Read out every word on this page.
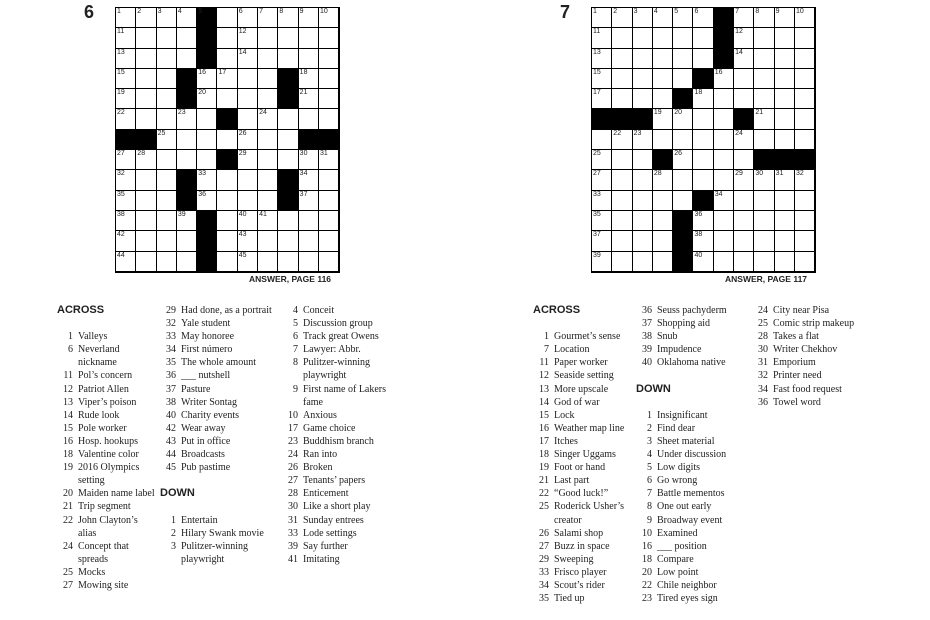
6	1 2 3 4 5	6 7 8 9 10
11	12
13	14
15	16 17	18
19	20	21
22	23	24
25	26
27 28	29	30 31
32	33	34
35	36	37
38	39	40 41
42	43
44	45
ANSWER, PAGE 116
ACROSS
1 Valleys
6 Neverland nickname
11 Pol’s concern
12 Patriot Allen
13 Viper’s poison
14 Rude look
15 Pole worker
16 Hosp. hookups
18 Valentine color
19 2016 Olympics setting
20 Maiden name label
21 Trip segment
22 John Clayton’s alias
24 Concept that spreads
25 Mocks
27 Mowing site
29 Had done, as a portrait
32 Yale student
33 May honoree
34 First número
35 The whole amount
36 ___ nutshell
37 Pasture
38 Writer Sontag
40 Charity events
42 Wear away
43 Put in office
44 Broadcasts
45 Pub pastime
DOWN
1 Entertain
2 Hilary Swank movie
3 Pulitzer-winning playwright
4 Conceit
5 Discussion group
6 Track great Owens
7 Lawyer: Abbr.
8 Pulitzer-winning playwright
9 First name of Lakers fame
10 Anxious
17 Game choice
23 Buddhism branch
24 Ran into
26 Broken
27 Tenants’ papers
28 Enticement
30 Like a short play
31 Sunday entrees
33 Lode settings
39 Say further
41 Imitating
7	1 2 3 4 5 6	7 8 9 10
11	12
13	14
15	16
17	18
19 20	21
22 23	24
25	26
27	28	29 30 31 32
33	34
35	36
37	38
39	40
ANSWER, PAGE 117
ACROSS
1 Gourmet’s sense
7 Location
11 Paper worker
12 Seaside setting
13 More upscale
14 God of war
15 Lock
16 Weather map line
17 Itches
18 Singer Uggams
19 Foot or hand
21 Last part
22 “Good luck!”
25 Roderick Usher’s creator
26 Salami shop
27 Buzz in space
29 Sweeping
33 Frisco player
34 Scout’s rider
35 Tied up
36 Seuss pachyderm
37 Shopping aid
38 Snub
39 Impudence
40 Oklahoma native
DOWN
1 Insignificant
2 Find dear
3 Sheet material
4 Under discussion
5 Low digits
6 Go wrong
7 Battle mementos
8 One out early
9 Broadway event
10 Examined
16 ___ position
18 Compare
20 Low point
22 Chile neighbor
23 Tired eyes sign
24 City near Pisa
25 Comic strip makeup
28 Takes a flat
30 Writer Chekhov
31 Emporium
32 Printer need
34 Fast food request
36 Towel word
